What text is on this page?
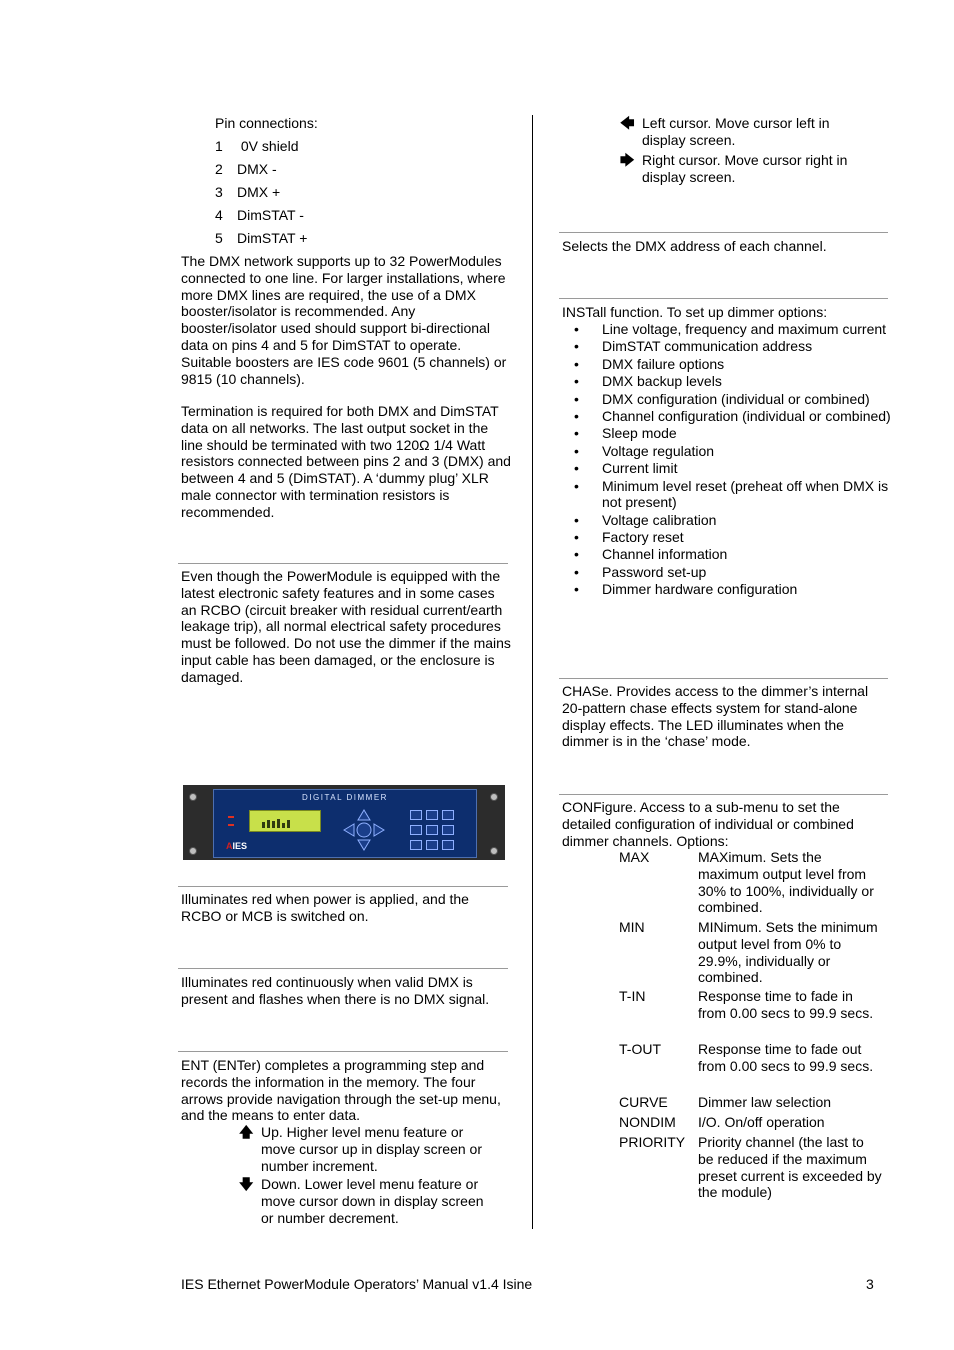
Pin connections:
1 0V shield
2 DMX -
3 DMX +
4 DimSTAT -
5 DimSTAT +
The DMX network supports up to 32 PowerModules connected to one line. For larger installations, where more DMX lines are required, the use of a DMX booster/isolator is recommended. Any booster/isolator used should support bi-directional data on pins 4 and 5 for DimSTAT to operate. Suitable boosters are IES code 9601 (5 channels) or 9815 (10 channels).
Termination is required for both DMX and DimSTAT data on all networks. The last output socket in the line should be terminated with two 120Ω 1/4 Watt resistors connected between pins 2 and 3 (DMX) and between 4 and 5 (DimSTAT). A ‘dummy plug’ XLR male connector with termination resistors is recommended.
Even though the PowerModule is equipped with the latest electronic safety features and in some cases an RCBO (circuit breaker with residual current/earth leakage trip), all normal electrical safety procedures must be followed. Do not use the dimmer if the mains input cable has been damaged, or the enclosure is damaged.
DIGITAL DIMMER
AIES
Illuminates red when power is applied, and the RCBO or MCB is switched on.
Illuminates red continuously when valid DMX is present and flashes when there is no DMX signal.
ENT (ENTer) completes a programming step and records the information in the memory. The four arrows provide navigation through the set-up menu, and the means to enter data.
🡅 Up. Higher level menu feature or move cursor up in display screen or number increment.
🡇 Down. Lower level menu feature or move cursor down in display screen or number decrement.
🡄 Left cursor. Move cursor left in display screen.
🡆 Right cursor. Move cursor right in display screen.
Selects the DMX address of each channel.
INSTall function. To set up dimmer options:
• Line voltage, frequency and maximum current
• DimSTAT communication address
• DMX failure options
• DMX backup levels
• DMX configuration (individual or combined)
• Channel configuration (individual or combined)
• Sleep mode
• Voltage regulation
• Current limit
• Minimum level reset (preheat off when DMX is not present)
• Voltage calibration
• Factory reset
• Channel information
• Password set-up
• Dimmer hardware configuration
CHASe. Provides access to the dimmer’s internal 20-pattern chase effects system for stand-alone display effects. The LED illuminates when the dimmer is in the ‘chase’ mode.
CONFigure. Access to a sub-menu to set the detailed configuration of individual or combined dimmer channels. Options:
MAX	MAXimum. Sets the maximum output level from 30% to 100%, individually or combined.
MIN	MINimum. Sets the minimum output level from 0% to 29.9%, individually or combined.
T-IN	Response time to fade in from 0.00 secs to 99.9 secs.
T-OUT	Response time to fade out from 0.00 secs to 99.9 secs.
CURVE Dimmer law selection
NONDIM I/O. On/off operation
PRIORITY Priority channel (the last to be reduced if the maximum preset current is exceeded by the module)
IES Ethernet PowerModule Operators’ Manual v1.4 Isine	3
